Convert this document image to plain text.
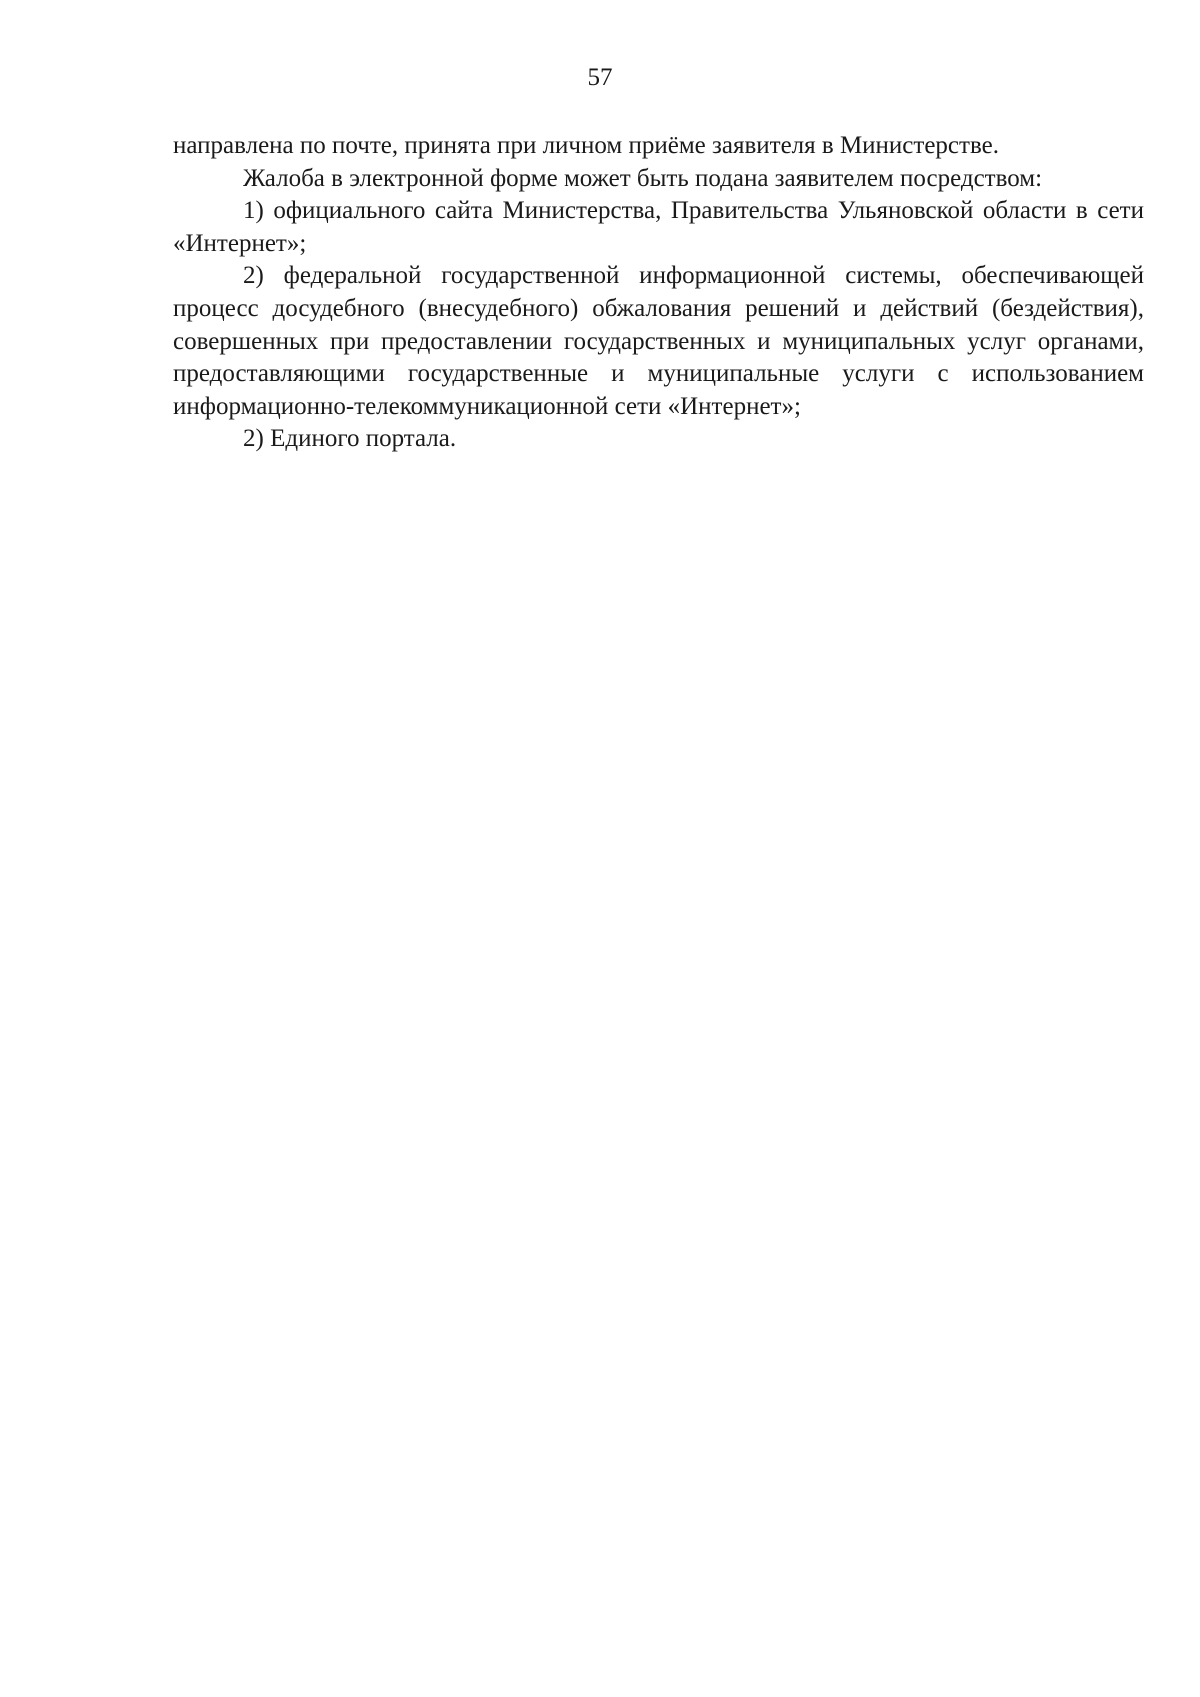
57

направлена по почте, принята при личном приёме заявителя в Министерстве.

Жалоба в электронной форме может быть подана заявителем посредством:

1) официального сайта Министерства, Правительства Ульяновской области в сети «Интернет»;

2) федеральной государственной информационной системы, обеспечивающей процесс досудебного (внесудебного) обжалования решений и действий (бездействия), совершенных при предоставлении государственных и муниципальных услуг органами, предоставляющими государственные и муниципальные услуги с использованием информационно-телекоммуникационной сети «Интернет»;

2) Единого портала.
